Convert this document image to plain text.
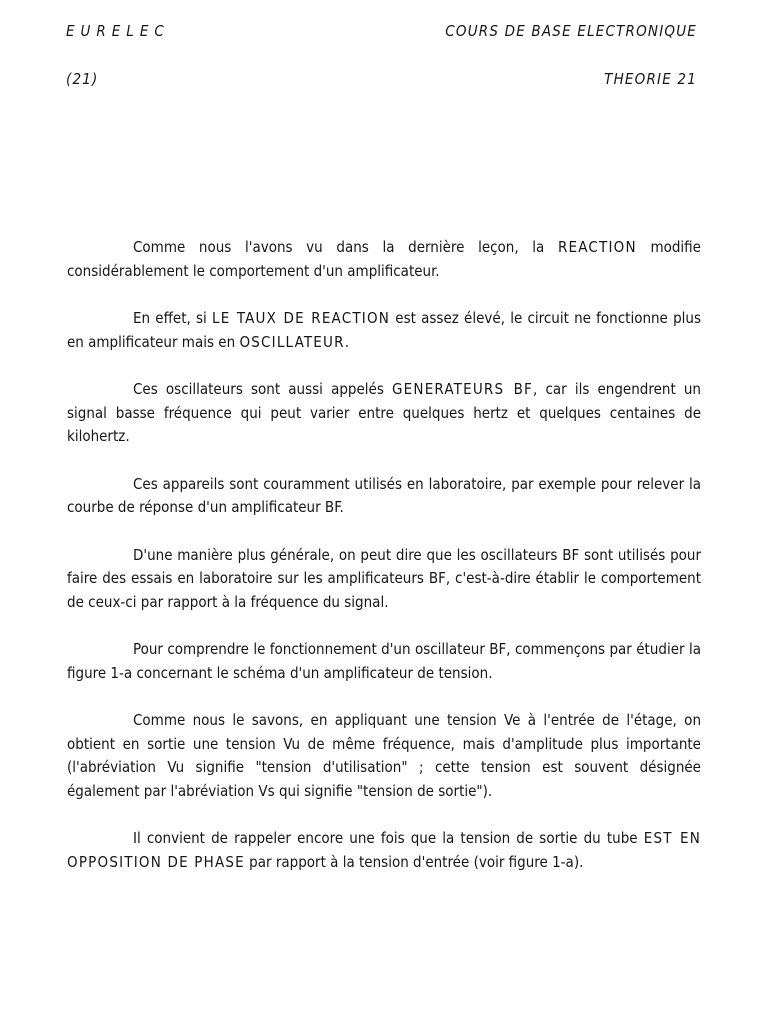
EURELEC	COURS DE BASE ELECTRONIQUE
(21)	THEORIE 21

Comme nous l'avons vu dans la dernière leçon, la REACTION modifie considérablement le comportement d'un amplificateur.

En effet, si LE TAUX DE REACTION est assez élevé, le circuit ne fonctionne plus en amplificateur mais en OSCILLATEUR.

Ces oscillateurs sont aussi appelés GENERATEURS BF, car ils engendrent un signal basse fréquence qui peut varier entre quelques hertz et quelques centaines de kilohertz.

Ces appareils sont couramment utilisés en laboratoire, par exemple pour relever la courbe de réponse d'un amplificateur BF.

D'une manière plus générale, on peut dire que les oscillateurs BF sont utilisés pour faire des essais en laboratoire sur les amplificateurs BF, c'est-à-dire établir le comportement de ceux-ci par rapport à la fréquence du signal.

Pour comprendre le fonctionnement d'un oscillateur BF, commençons par étudier la figure 1-a concernant le schéma d'un amplificateur de tension.

Comme nous le savons, en appliquant une tension Ve à l'entrée de l'étage, on obtient en sortie une tension Vu de même fréquence, mais d'amplitude plus importante (l'abréviation Vu signifie "tension d'utilisation" ; cette tension est souvent désignée également par l'abréviation Vs qui signifie "tension de sortie").

Il convient de rappeler encore une fois que la tension de sortie du tube EST EN OPPOSITION DE PHASE par rapport à la tension d'entrée (voir figure 1-a).
